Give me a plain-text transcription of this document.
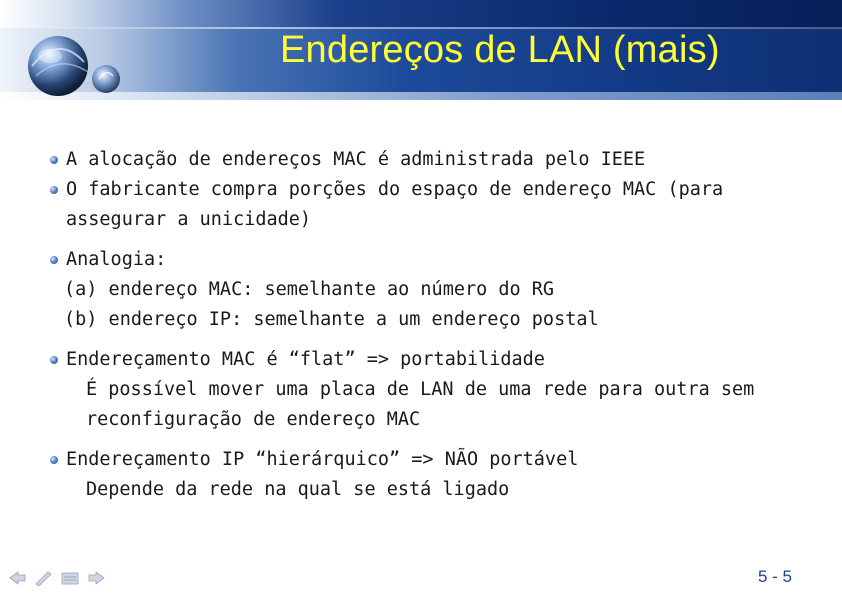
Endereços de LAN (mais)
A alocação de endereços MAC é administrada pelo IEEE
O fabricante compra porções do espaço de endereço MAC (para
assegurar a unicidade)
Analogia:
(a) endereço MAC: semelhante ao número do RG
(b) endereço IP: semelhante a um endereço postal
Endereçamento MAC é “flat” => portabilidade
É possível mover uma placa de LAN de uma rede para outra sem
reconfiguração de endereço MAC
Endereçamento IP “hierárquico” => NÃO portável
Depende da rede na qual se está ligado
5 - 5
